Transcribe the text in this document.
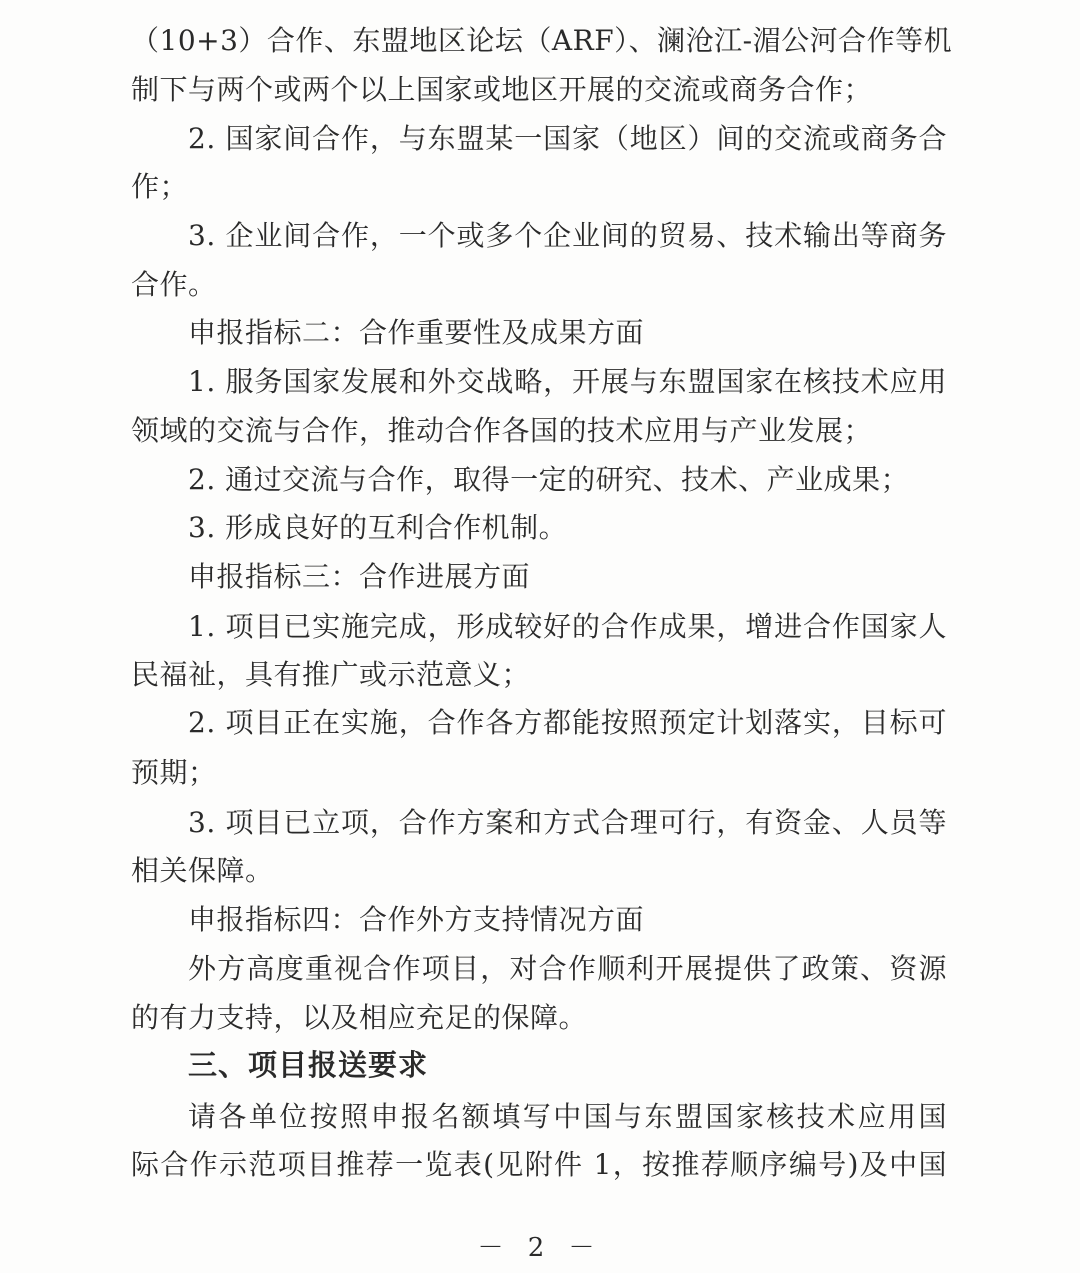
（10+3）合作、东盟地区论坛（ARF）、澜沧江-湄公河合作等机
制下与两个或两个以上国家或地区开展的交流或商务合作；
2. 国家间合作，与东盟某一国家（地区）间的交流或商务合
作；
3. 企业间合作，一个或多个企业间的贸易、技术输出等商务
合作。
申报指标二：合作重要性及成果方面
1. 服务国家发展和外交战略，开展与东盟国家在核技术应用
领域的交流与合作，推动合作各国的技术应用与产业发展；
2. 通过交流与合作，取得一定的研究、技术、产业成果；
3. 形成良好的互利合作机制。
申报指标三：合作进展方面
1. 项目已实施完成，形成较好的合作成果，增进合作国家人
民福祉，具有推广或示范意义；
2. 项目正在实施，合作各方都能按照预定计划落实，目标可
预期；
3. 项目已立项，合作方案和方式合理可行，有资金、人员等
相关保障。
申报指标四：合作外方支持情况方面
外方高度重视合作项目，对合作顺利开展提供了政策、资源
的有力支持，以及相应充足的保障。
三、项目报送要求
请各单位按照申报名额填写中国与东盟国家核技术应用国
际合作示范项目推荐一览表(见附件 1，按推荐顺序编号)及中国
－ 2 －
